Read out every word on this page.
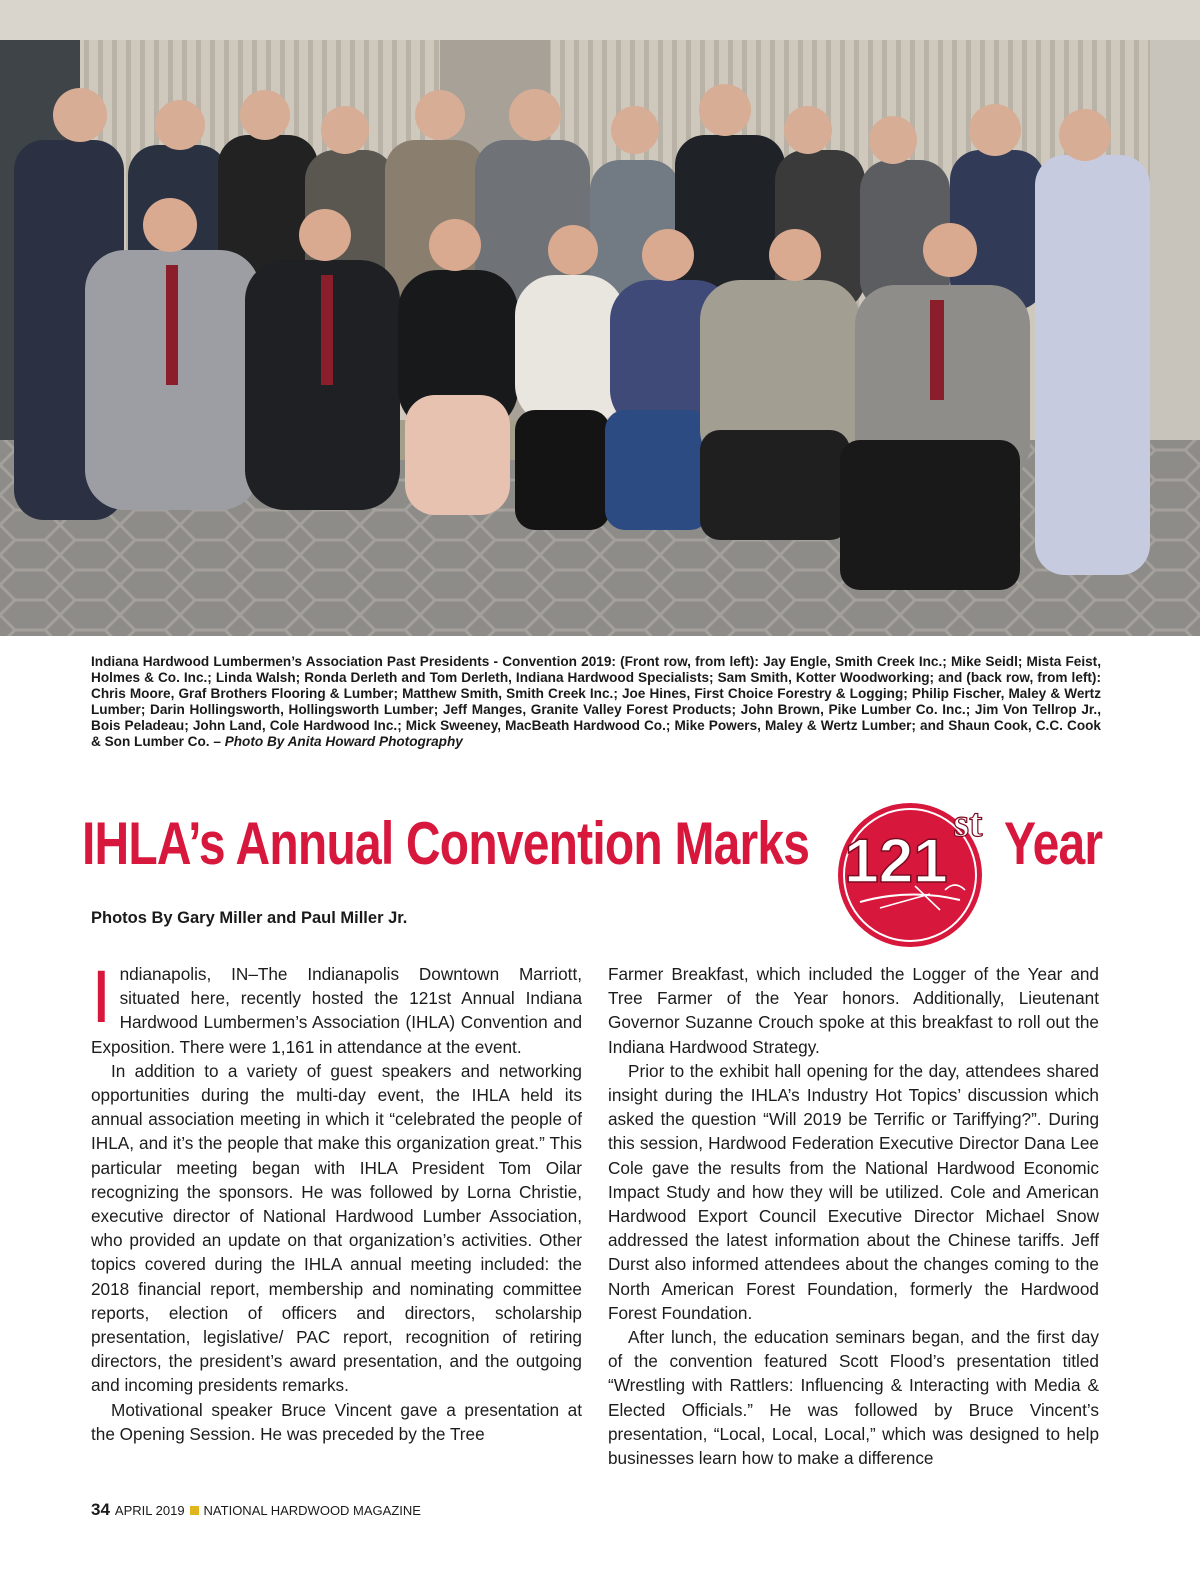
Indiana Hardwood Lumbermen’s Association Past Presidents - Convention 2019: (Front row, from left): Jay Engle, Smith Creek Inc.; Mike Seidl; Mista Feist, Holmes & Co. Inc.; Linda Walsh; Ronda Derleth and Tom Derleth, Indiana Hardwood Specialists; Sam Smith, Kotter Woodworking; and (back row, from left): Chris Moore, Graf Brothers Flooring & Lumber; Matthew Smith, Smith Creek Inc.; Joe Hines, First Choice Forestry & Logging; Philip Fischer, Maley & Wertz Lumber; Darin Hollingsworth, Hollingsworth Lumber; Jeff Manges, Granite Valley Forest Products; John Brown, Pike Lumber Co. Inc.; Jim Von Tellrop Jr., Bois Peladeau; John Land, Cole Hardwood Inc.; Mick Sweeney, MacBeath Hardwood Co.; Mike Powers, Maley & Wertz Lumber; and Shaun Cook, C.C. Cook & Son Lumber Co. – Photo By Anita Howard Photography
IHLA’s Annual Convention Marks 121
st Year
Photos By Gary Miller and Paul Miller Jr.

Indianapolis, IN–The Indianapolis Downtown Marriott, situated here, recently hosted the 121st Annual Indiana Hardwood Lumbermen’s Association (IHLA) Convention and Exposition. There were 1,161 in attendance at the event.

In addition to a variety of guest speakers and networking opportunities during the multi-day event, the IHLA held its annual association meeting in which it “celebrated the people of IHLA, and it’s the people that make this organization great.” This particular meeting began with IHLA President Tom Oilar recognizing the sponsors. He was followed by Lorna Christie, executive director of National Hardwood Lumber Association, who provided an update on that organization’s activities. Other topics covered during the IHLA annual meeting included: the 2018 financial report, membership and nominating committee reports, election of officers and directors, scholarship presentation, legislative/ PAC report, recognition of retiring directors, the president’s award presentation, and the outgoing and incoming presidents remarks.

Motivational speaker Bruce Vincent gave a presentation at the Opening Session. He was preceded by the Tree

Farmer Breakfast, which included the Logger of the Year and Tree Farmer of the Year honors. Additionally, Lieutenant Governor Suzanne Crouch spoke at this breakfast to roll out the Indiana Hardwood Strategy.

Prior to the exhibit hall opening for the day, attendees shared insight during the IHLA’s Industry Hot Topics’ discussion which asked the question “Will 2019 be Terrific or Tariffying?”. During this session, Hardwood Federation Executive Director Dana Lee Cole gave the results from the National Hardwood Economic Impact Study and how they will be utilized. Cole and American Hardwood Export Council Executive Director Michael Snow addressed the latest information about the Chinese tariffs. Jeff Durst also informed attendees about the changes coming to the North American Forest Foundation, formerly the Hardwood Forest Foundation.

After lunch, the education seminars began, and the first day of the convention featured Scott Flood’s presentation titled “Wrestling with Rattlers: Influencing & Interacting with Media & Elected Officials.” He was followed by Bruce Vincent’s presentation, “Local, Local, Local,” which was designed to help businesses learn how to make a difference

34 APRIL 2019 NATIONAL HARDWOOD MAGAZINE
